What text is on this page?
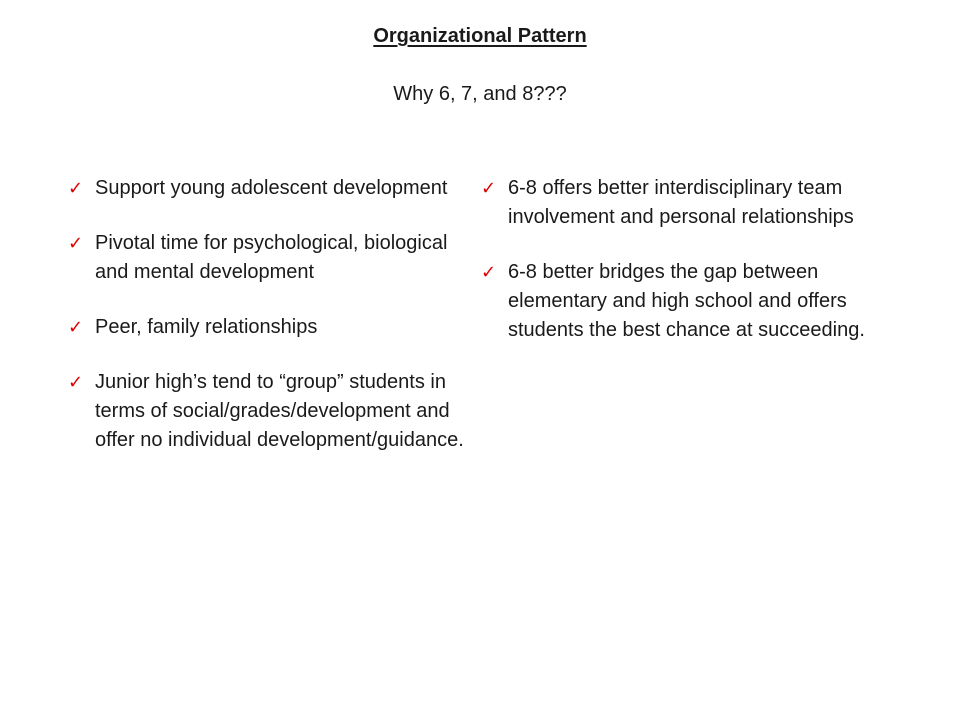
Organizational Pattern
Why 6, 7, and 8???
✓ Support young adolescent development
✓ Pivotal time for psychological, biological and mental development
✓ Peer, family relationships
✓ Junior high’s tend to “group” students in terms of social/grades/development and offer no individual development/guidance.
✓ 6-8 offers better interdisciplinary team involvement and personal relationships
✓ 6-8 better bridges the gap between elementary and high school and offers students the best chance at succeeding.
